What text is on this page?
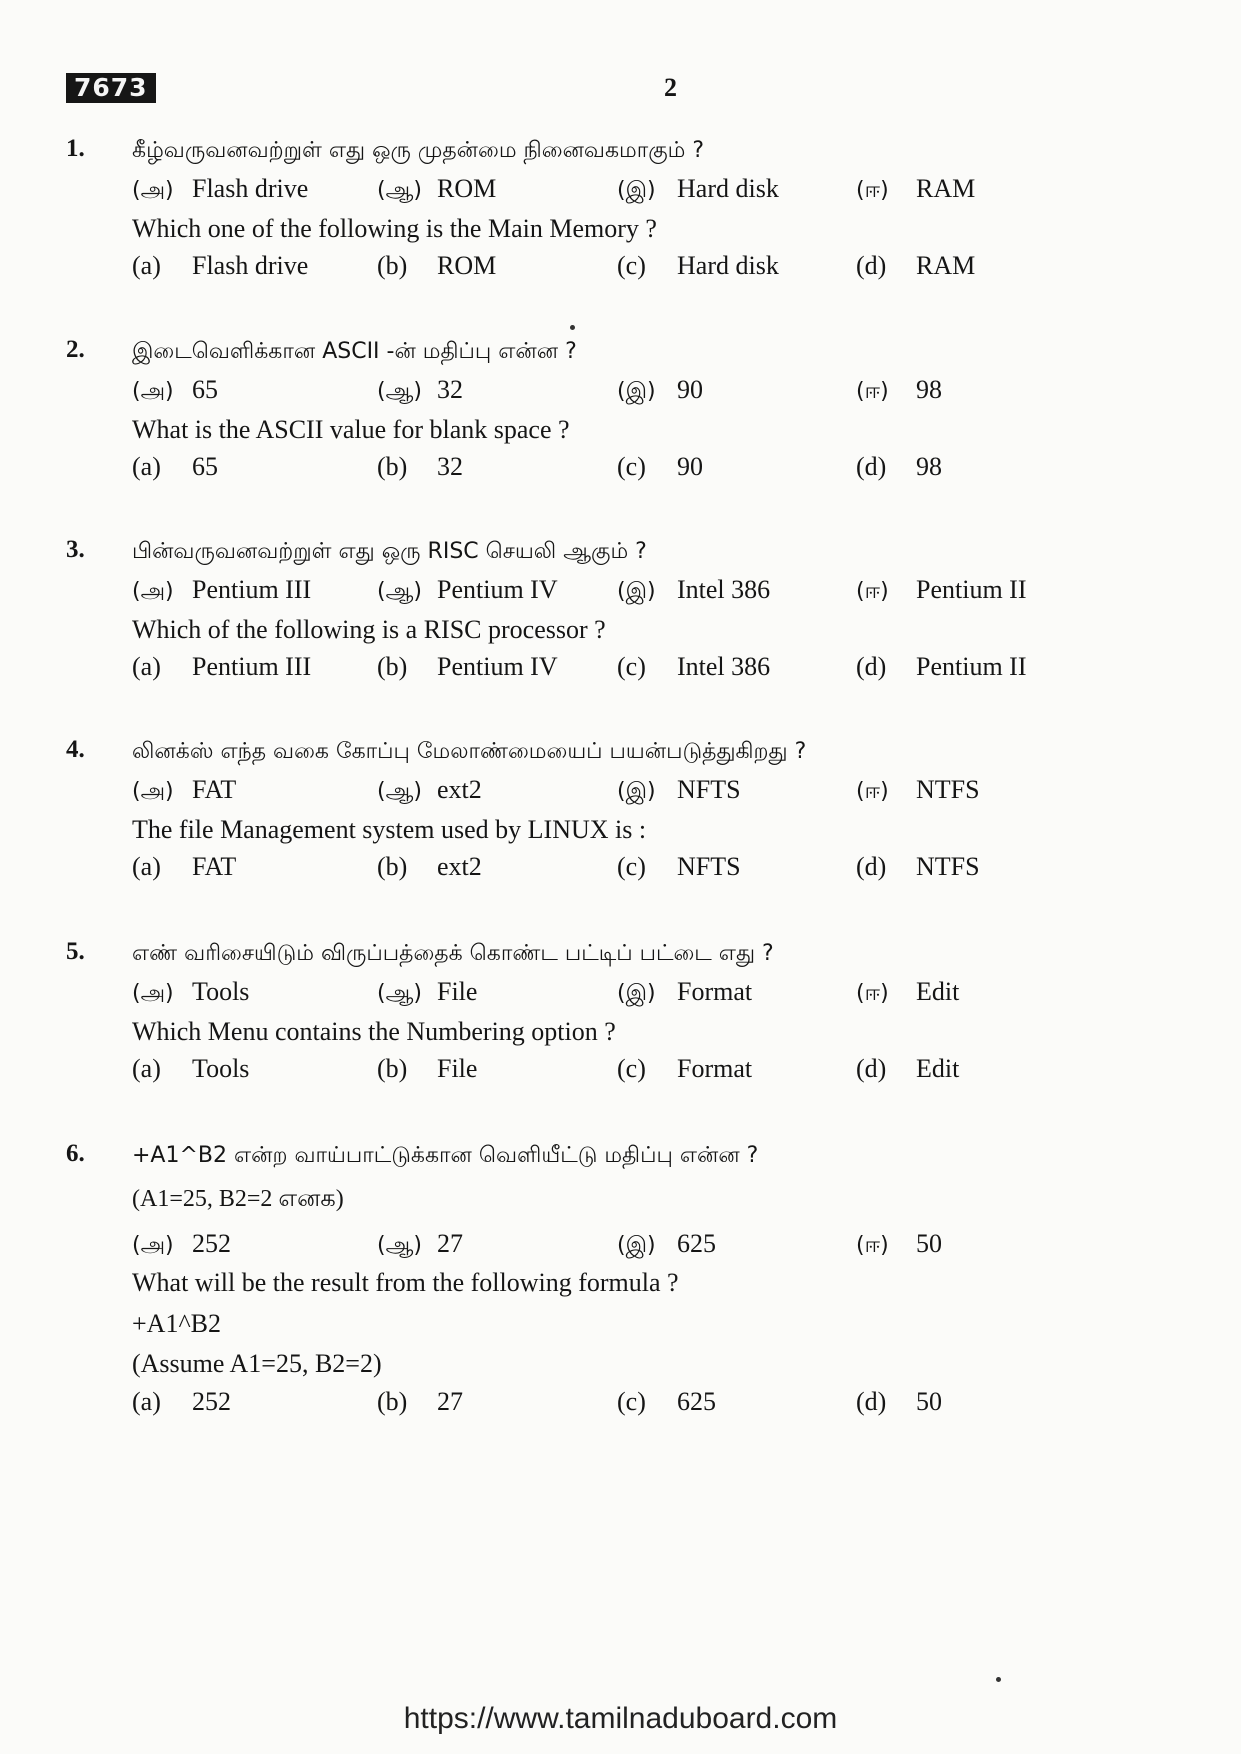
7673	2
1. கீழ்வருவனவற்றுள் எது ஒரு முதன்மை நினைவகமாகும் ?
(அ) Flash drive	(ஆ) ROM	(இ) Hard disk	(ஈ) RAM
Which one of the following is the Main Memory ?
(a) Flash drive	(b) ROM	(c) Hard disk	(d) RAM
2. இடைவெளிக்கான ASCII -ன் மதிப்பு என்ன ?
(அ) 65	(ஆ) 32	(இ) 90	(ஈ) 98
What is the ASCII value for blank space ?
(a) 65	(b) 32	(c) 90	(d) 98
3. பின்வருவனவற்றுள் எது ஒரு RISC செயலி ஆகும் ?
(அ) Pentium III	(ஆ) Pentium IV	(இ) Intel 386	(ஈ) Pentium II
Which of the following is a RISC processor ?
(a) Pentium III	(b) Pentium IV (c) Intel 386	(d) Pentium II
4. லினக்ஸ் எந்த வகை கோப்பு மேலாண்மையைப் பயன்படுத்துகிறது ?
(அ) FAT	(ஆ) ext2	(இ) NFTS	(ஈ) NTFS
The file Management system used by LINUX is :
(a) FAT	(b) ext2	(c) NFTS	(d) NTFS
5. எண் வரிசையிடும் விருப்பத்தைக் கொண்ட பட்டிப் பட்டை எது ?
(அ) Tools	(ஆ) File	(இ) Format	(ஈ) Edit
Which Menu contains the Numbering option ?
(a) Tools	(b) File	(c) Format	(d) Edit
6. +A1^B2 என்ற வாய்பாட்டுக்கான வெளியீட்டு மதிப்பு என்ன ?
(A1=25, B2=2 எனக)
(அ) 252	(ஆ) 27	(இ) 625	(ஈ) 50
What will be the result from the following formula ?
+A1^B2
(Assume A1=25, B2=2)
(a) 252	(b) 27	(c) 625	(d) 50
https://www.tamilnaduboard.com
